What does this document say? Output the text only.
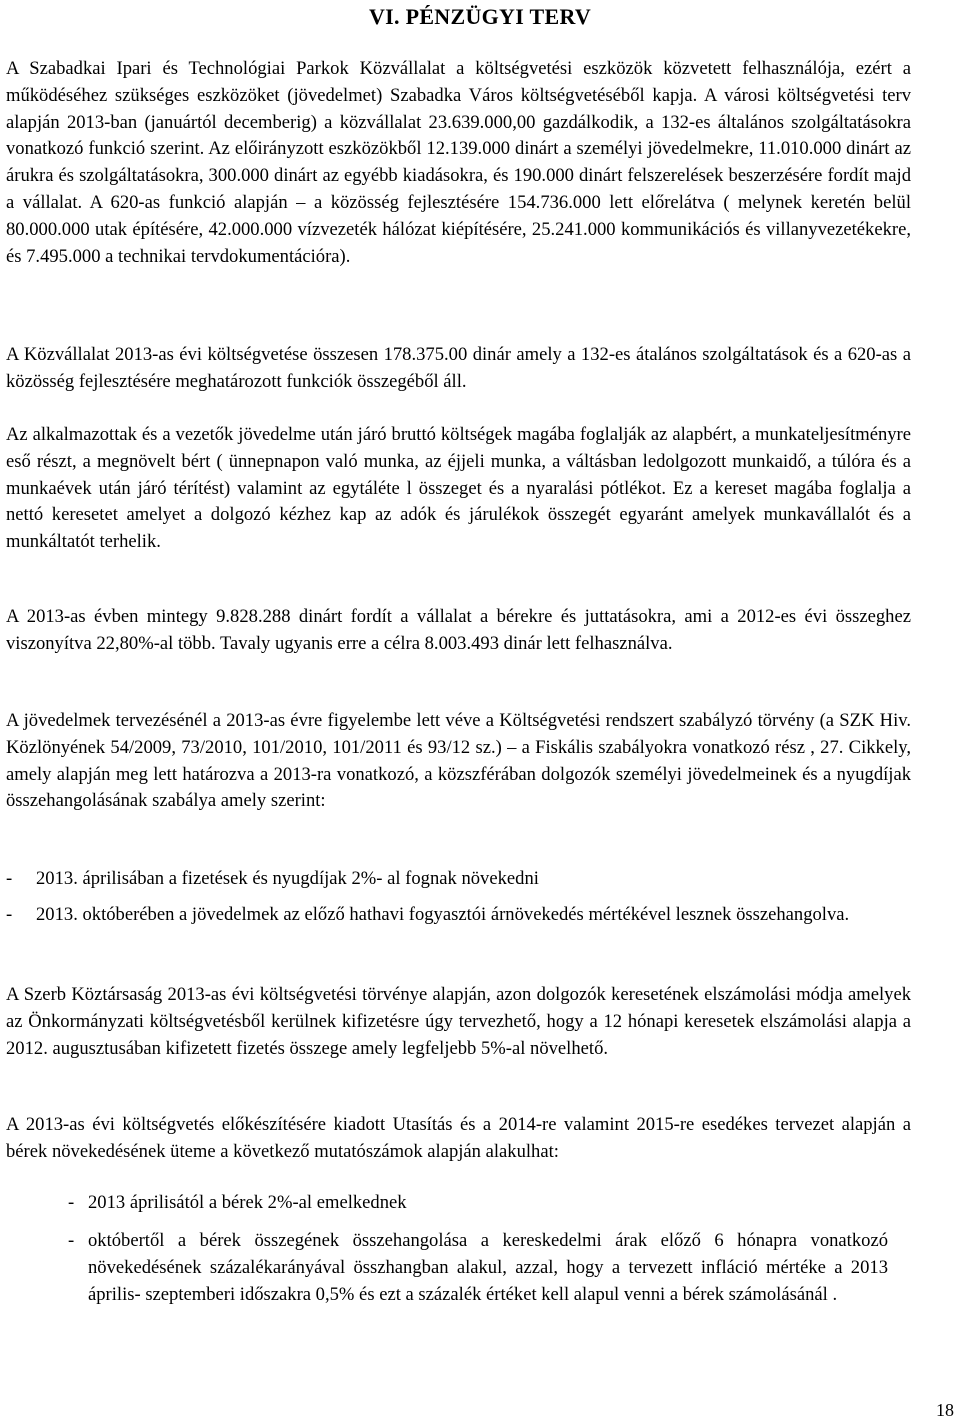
VI. PÉNZÜGYI TERV

A Szabadkai Ipari és Technológiai Parkok Közvállalat a költségvetési eszközök közvetett felhasználója, ezért a működéséhez szükséges eszközöket (jövedelmet) Szabadka Város költségvetéséből kapja. A városi költségvetési terv alapján 2013-ban (januártól decemberig) a közvállalat 23.639.000,00 gazdálkodik, a 132-es általános szolgáltatásokra vonatkozó funkció szerint. Az előirányzott eszközökből 12.139.000 dinárt a személyi jövedelmekre, 11.010.000 dinárt az árukra és szolgáltatásokra, 300.000 dinárt az egyébb kiadásokra, és 190.000 dinárt felszerelések beszerzésére fordít majd a vállalat. A 620-as funkció alapján – a közösség fejlesztésére 154.736.000 lett előrelátva ( melynek keretén belül 80.000.000 utak építésére, 42.000.000 vízvezeték hálózat kiépítésére, 25.241.000 kommunikációs és villanyvezetékekre, és 7.495.000 a technikai tervdokumentációra).

A Közvállalat 2013-as évi költségvetése összesen 178.375.00 dinár amely a 132-es átalános szolgáltatások és a 620-as a közösség fejlesztésére meghatározott funkciók összegéből áll.

Az alkalmazottak és a vezetők jövedelme után járó bruttó költségek magába foglalják az alapbért, a munkateljesítményre eső részt, a megnövelt bért ( ünnepnapon való munka, az éjjeli munka, a váltásban ledolgozott munkaidő, a túlóra és a munkaévek után járó térítést) valamint az egytáléte l összeget és a nyaralási pótlékot. Ez a kereset magába foglalja a nettó keresetet amelyet a dolgozó kézhez kap az adók és járulékok összegét egyaránt amelyek munkavállalót és a munkáltatót terhelik.

A 2013-as évben mintegy 9.828.288 dinárt fordít a vállalat a bérekre és juttatásokra, ami a 2012-es évi összeghez viszonyítva 22,80%-al több. Tavaly ugyanis erre a célra 8.003.493 dinár lett felhasználva.

A jövedelmek tervezésénél a 2013-as évre figyelembe lett véve a Költségvetési rendszert szabályzó törvény (a SZK Hiv. Közlönyének 54/2009, 73/2010, 101/2010, 101/2011 és 93/12 sz.) – a Fiskális szabályokra vonatkozó rész , 27. Cikkely, amely alapján meg lett határozva a 2013-ra vonatkozó, a közszférában dolgozók személyi jövedelmeinek és a nyugdíjak összehangolásának szabálya amely szerint:

- 2013. áprilisában a fizetések és nyugdíjak 2%- al fognak növekedni
- 2013. októberében a jövedelmek az előző hathavi fogyasztói árnövekedés mértékével lesznek összehangolva.

A Szerb Köztársaság 2013-as évi költségvetési törvénye alapján, azon dolgozók keresetének elszámolási módja amelyek az Önkormányzati költségvetésből kerülnek kifizetésre úgy tervezhető, hogy a 12 hónapi keresetek elszámolási alapja a 2012. augusztusában kifizetett fizetés összege amely legfeljebb 5%-al növelhető.

A 2013-as évi költségvetés előkészítésére kiadott Utasítás és a 2014-re valamint 2015-re esedékes tervezet alapján a bérek növekedésének üteme a következő mutatószámok alapján alakulhat:

- 2013 áprilisától a bérek 2%-al emelkednek
- októbertől a bérek összegének összehangolása a kereskedelmi árak előző 6 hónapra vonatkozó növekedésének százalékarányával összhangban alakul, azzal, hogy a tervezett infláció mértéke a 2013 április- szeptemberi időszakra 0,5% és ezt a százalék értéket kell alapul venni a bérek számolásánál .
18
